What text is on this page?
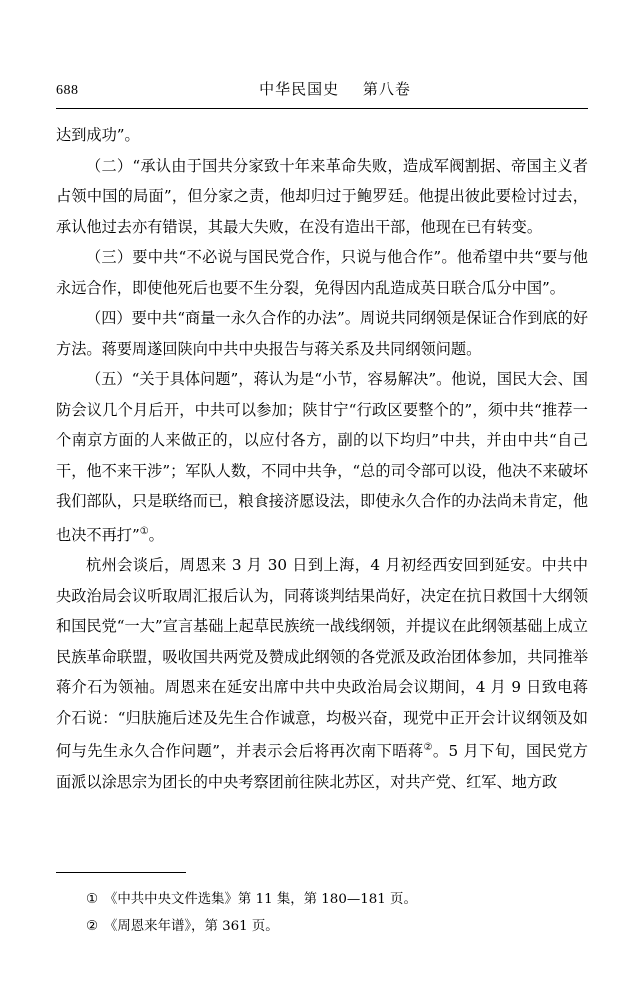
688	中华民国史 第八卷

达到成功”。

（二）“承认由于国共分家致十年来革命失败，造成军阀割据、帝国主义者占领中国的局面”，但分家之责，他却归过于鲍罗廷。他提出彼此要检讨过去，承认他过去亦有错误，其最大失败，在没有造出干部，他现在已有转变。

（三）要中共“不必说与国民党合作，只说与他合作”。他希望中共“要与他永远合作，即使他死后也要不生分裂，免得因内乱造成英日联合瓜分中国”。

（四）要中共“商量一永久合作的办法”。周说共同纲领是保证合作到底的好方法。蒋要周遂回陕向中共中央报告与蒋关系及共同纲领问题。

（五）“关于具体问题”，蒋认为是“小节，容易解决”。他说，国民大会、国防会议几个月后开，中共可以参加；陕甘宁“行政区要整个的”，须中共“推荐一个南京方面的人来做正的，以应付各方，副的以下均归”中共，并由中共“自己干，他不来干涉”；军队人数，不同中共争，“总的司令部可以设，他决不来破坏我们部队，只是联络而已，粮食接济愿设法，即使永久合作的办法尚未肯定，他也决不再打”①。

杭州会谈后，周恩来 3 月 30 日到上海，4 月初经西安回到延安。中共中央政治局会议听取周汇报后认为，同蒋谈判结果尚好，决定在抗日救国十大纲领和国民党“一大”宣言基础上起草民族统一战线纲领，并提议在此纲领基础上成立民族革命联盟，吸收国共两党及赞成此纲领的各党派及政治团体参加，共同推举蒋介石为领袖。周恩来在延安出席中共中央政治局会议期间，4 月 9 日致电蒋介石说：“归肤施后述及先生合作诚意，均极兴奋，现党中正开会计议纲领及如何与先生永久合作问题”，并表示会后将再次南下晤蒋②。5 月下旬，国民党方面派以涂思宗为团长的中央考察团前往陕北苏区，对共产党、红军、地方政

① 《中共中央文件选集》第 11 集，第 180—181 页。

② 《周恩来年谱》，第 361 页。
